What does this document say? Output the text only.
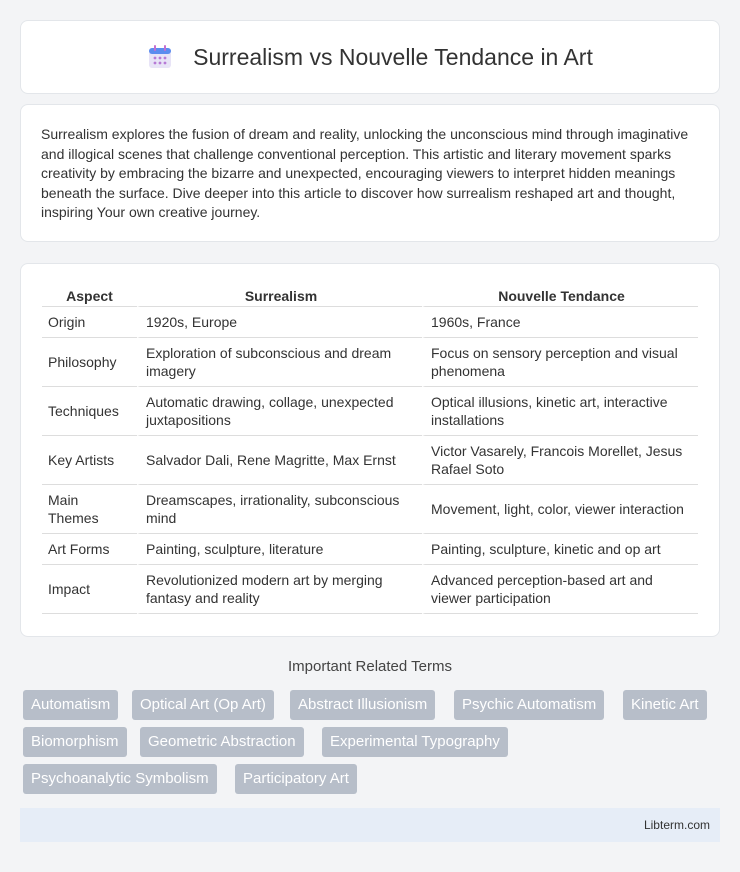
Surrealism vs Nouvelle Tendance in Art

Surrealism explores the fusion of dream and reality, unlocking the unconscious mind through imaginative and illogical scenes that challenge conventional perception. This artistic and literary movement sparks creativity by embracing the bizarre and unexpected, encouraging viewers to interpret hidden meanings beneath the surface. Dive deeper into this article to discover how surrealism reshaped art and thought, inspiring Your own creative journey.

Aspect	Surrealism	Nouvelle Tendance
Origin	1920s, Europe	1960s, France
Philosophy	Exploration of subconscious and dream imagery	Focus on sensory perception and visual phenomena
Techniques	Automatic drawing, collage, unexpected juxtapositions	Optical illusions, kinetic art, interactive installations
Key Artists	Salvador Dali, Rene Magritte, Max Ernst	Victor Vasarely, Francois Morellet, Jesus Rafael Soto
Main Themes	Dreamscapes, irrationality, subconscious mind	Movement, light, color, viewer interaction
Art Forms	Painting, sculpture, literature	Painting, sculpture, kinetic and op art
Impact	Revolutionized modern art by merging fantasy and reality	Advanced perception-based art and viewer participation
Important Related Terms
Automatism	Optical Art (Op Art)	Abstract Illusionism	Psychic Automatism	Kinetic Art
Biomorphism	Geometric Abstraction	Experimental Typography
Psychoanalytic Symbolism	Participatory Art
Libterm.com
